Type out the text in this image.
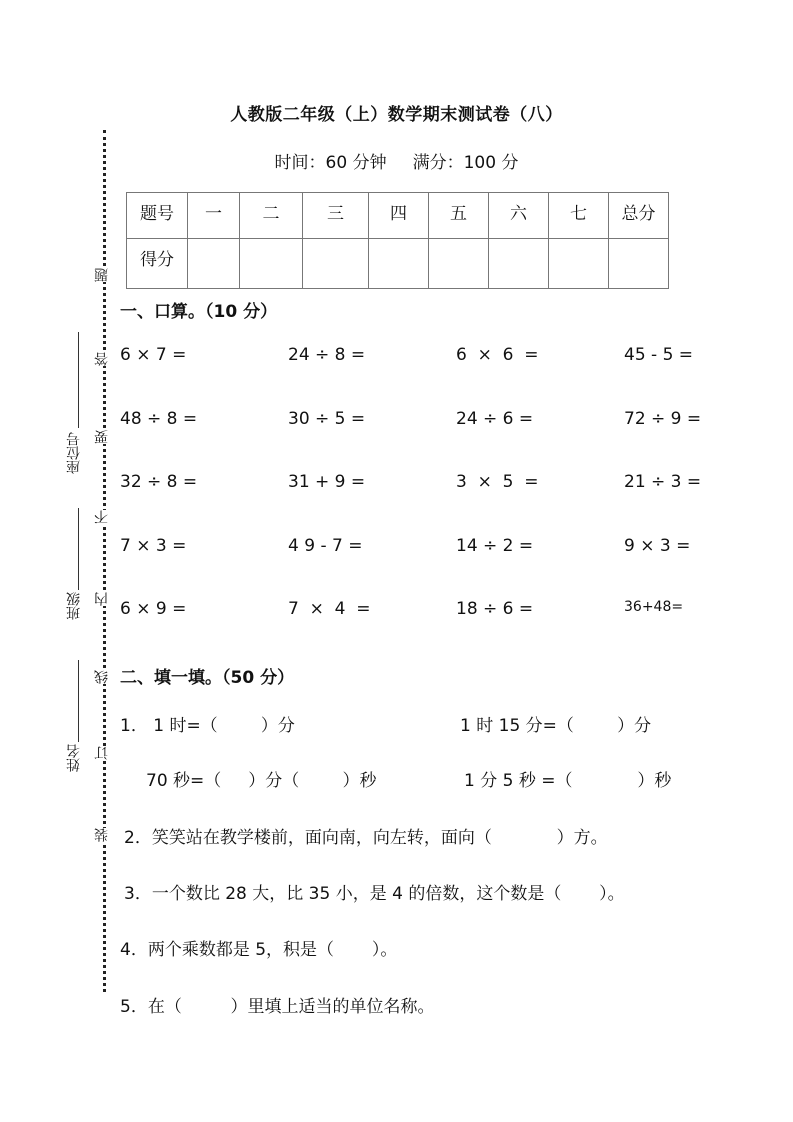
人教版二年级（上）数学期末测试卷（八）
时间：60 分钟 满分：100 分
题号	一	二	三	四	五	六	七	总分
得分								
题
答
要
不
内
线
订
装
座位号
班级
姓名
一、口算。（10 分）
6 × 7 =	24 ÷ 8 =	6  ×  6  =	45 - 5 =
48 ÷ 8 =	30 ÷ 5 =	24 ÷ 6 =	72 ÷ 9 =
32 ÷ 8 =	31 + 9 =	3  ×  5  =	21 ÷ 3 =
7 × 3 =	4 9 - 7 =	14 ÷ 2 =	9 × 3 =
6 × 9 =	7  ×  4  =	18 ÷ 6 =	36+48=
二、填一填。（50 分）
1． 1 时=（        ）分	1 时 15 分=（        ）分
70 秒=（     ）分（        ）秒	1 分 5 秒 =（            ）秒
2．笑笑站在教学楼前，面向南，向左转，面向（            ）方。
3．一个数比 28 大，比 35 小，是 4 的倍数，这个数是（       ）。
4．两个乘数都是 5，积是（       ）。
5．在（         ）里填上适当的单位名称。
